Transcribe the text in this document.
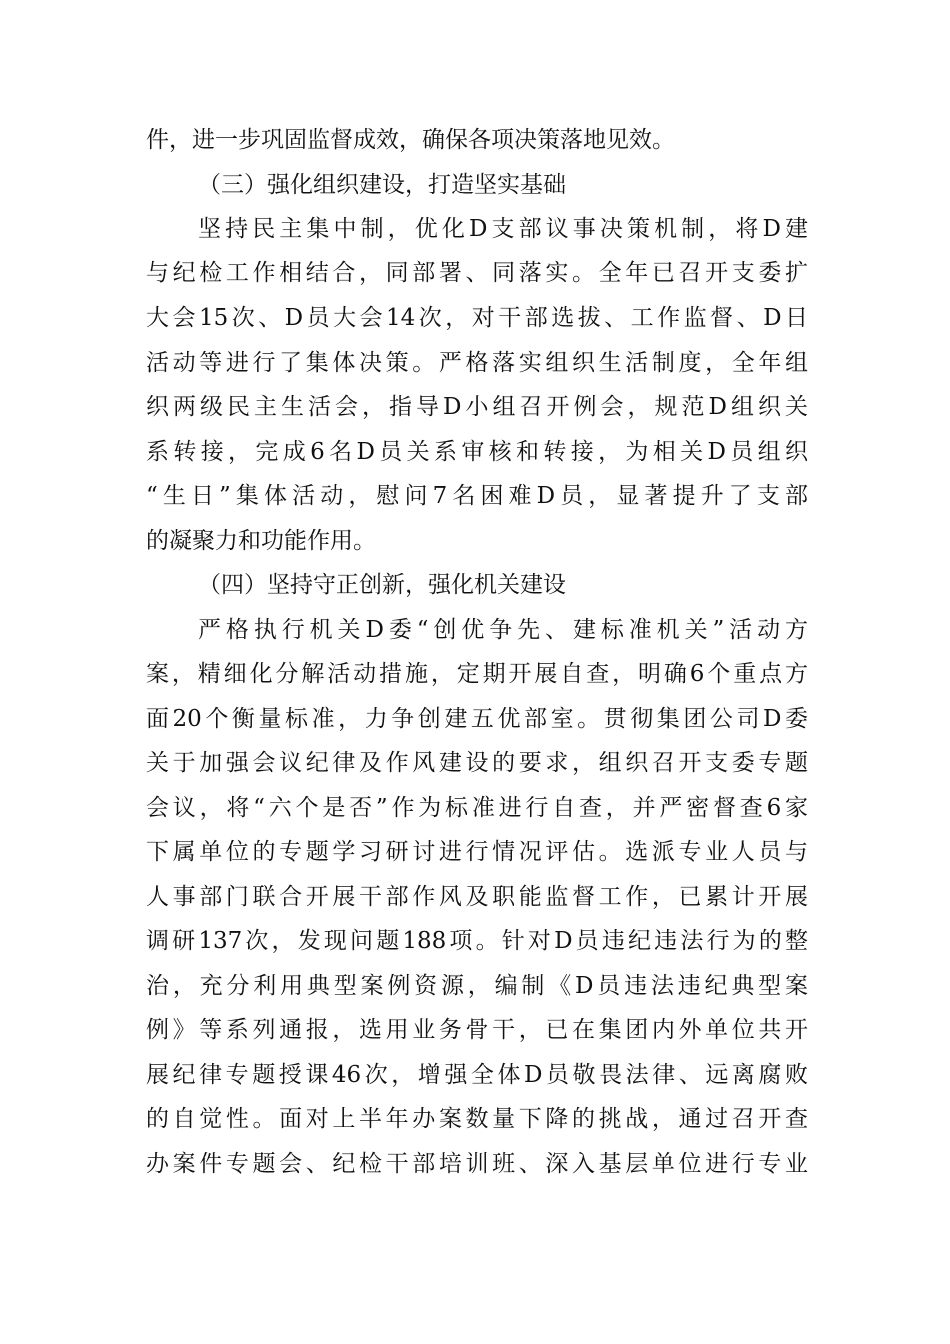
件，进一步巩固监督成效，确保各项决策落地见效。
（三）强化组织建设，打造坚实基础
坚持民主集中制，优化D支部议事决策机制，将D建
与纪检工作相结合，同部署、同落实。全年已召开支委扩
大会15次、D员大会14次，对干部选拔、工作监督、D日
活动等进行了集体决策。严格落实组织生活制度，全年组
织两级民主生活会，指导D小组召开例会，规范D组织关
系转接，完成6名D员关系审核和转接，为相关D员组织
“生日”集体活动，慰问7名困难D员，显著提升了支部
的凝聚力和功能作用。
（四）坚持守正创新，强化机关建设
严格执行机关D委“创优争先、建标准机关”活动方
案，精细化分解活动措施，定期开展自查，明确6个重点方
面20个衡量标准，力争创建五优部室。贯彻集团公司D委
关于加强会议纪律及作风建设的要求，组织召开支委专题
会议，将“六个是否”作为标准进行自查，并严密督查6家
下属单位的专题学习研讨进行情况评估。选派专业人员与
人事部门联合开展干部作风及职能监督工作，已累计开展
调研137次，发现问题188项。针对D员违纪违法行为的整
治，充分利用典型案例资源，编制《D员违法违纪典型案
例》等系列通报，选用业务骨干，已在集团内外单位共开
展纪律专题授课46次，增强全体D员敬畏法律、远离腐败
的自觉性。面对上半年办案数量下降的挑战，通过召开查
办案件专题会、纪检干部培训班、深入基层单位进行专业
